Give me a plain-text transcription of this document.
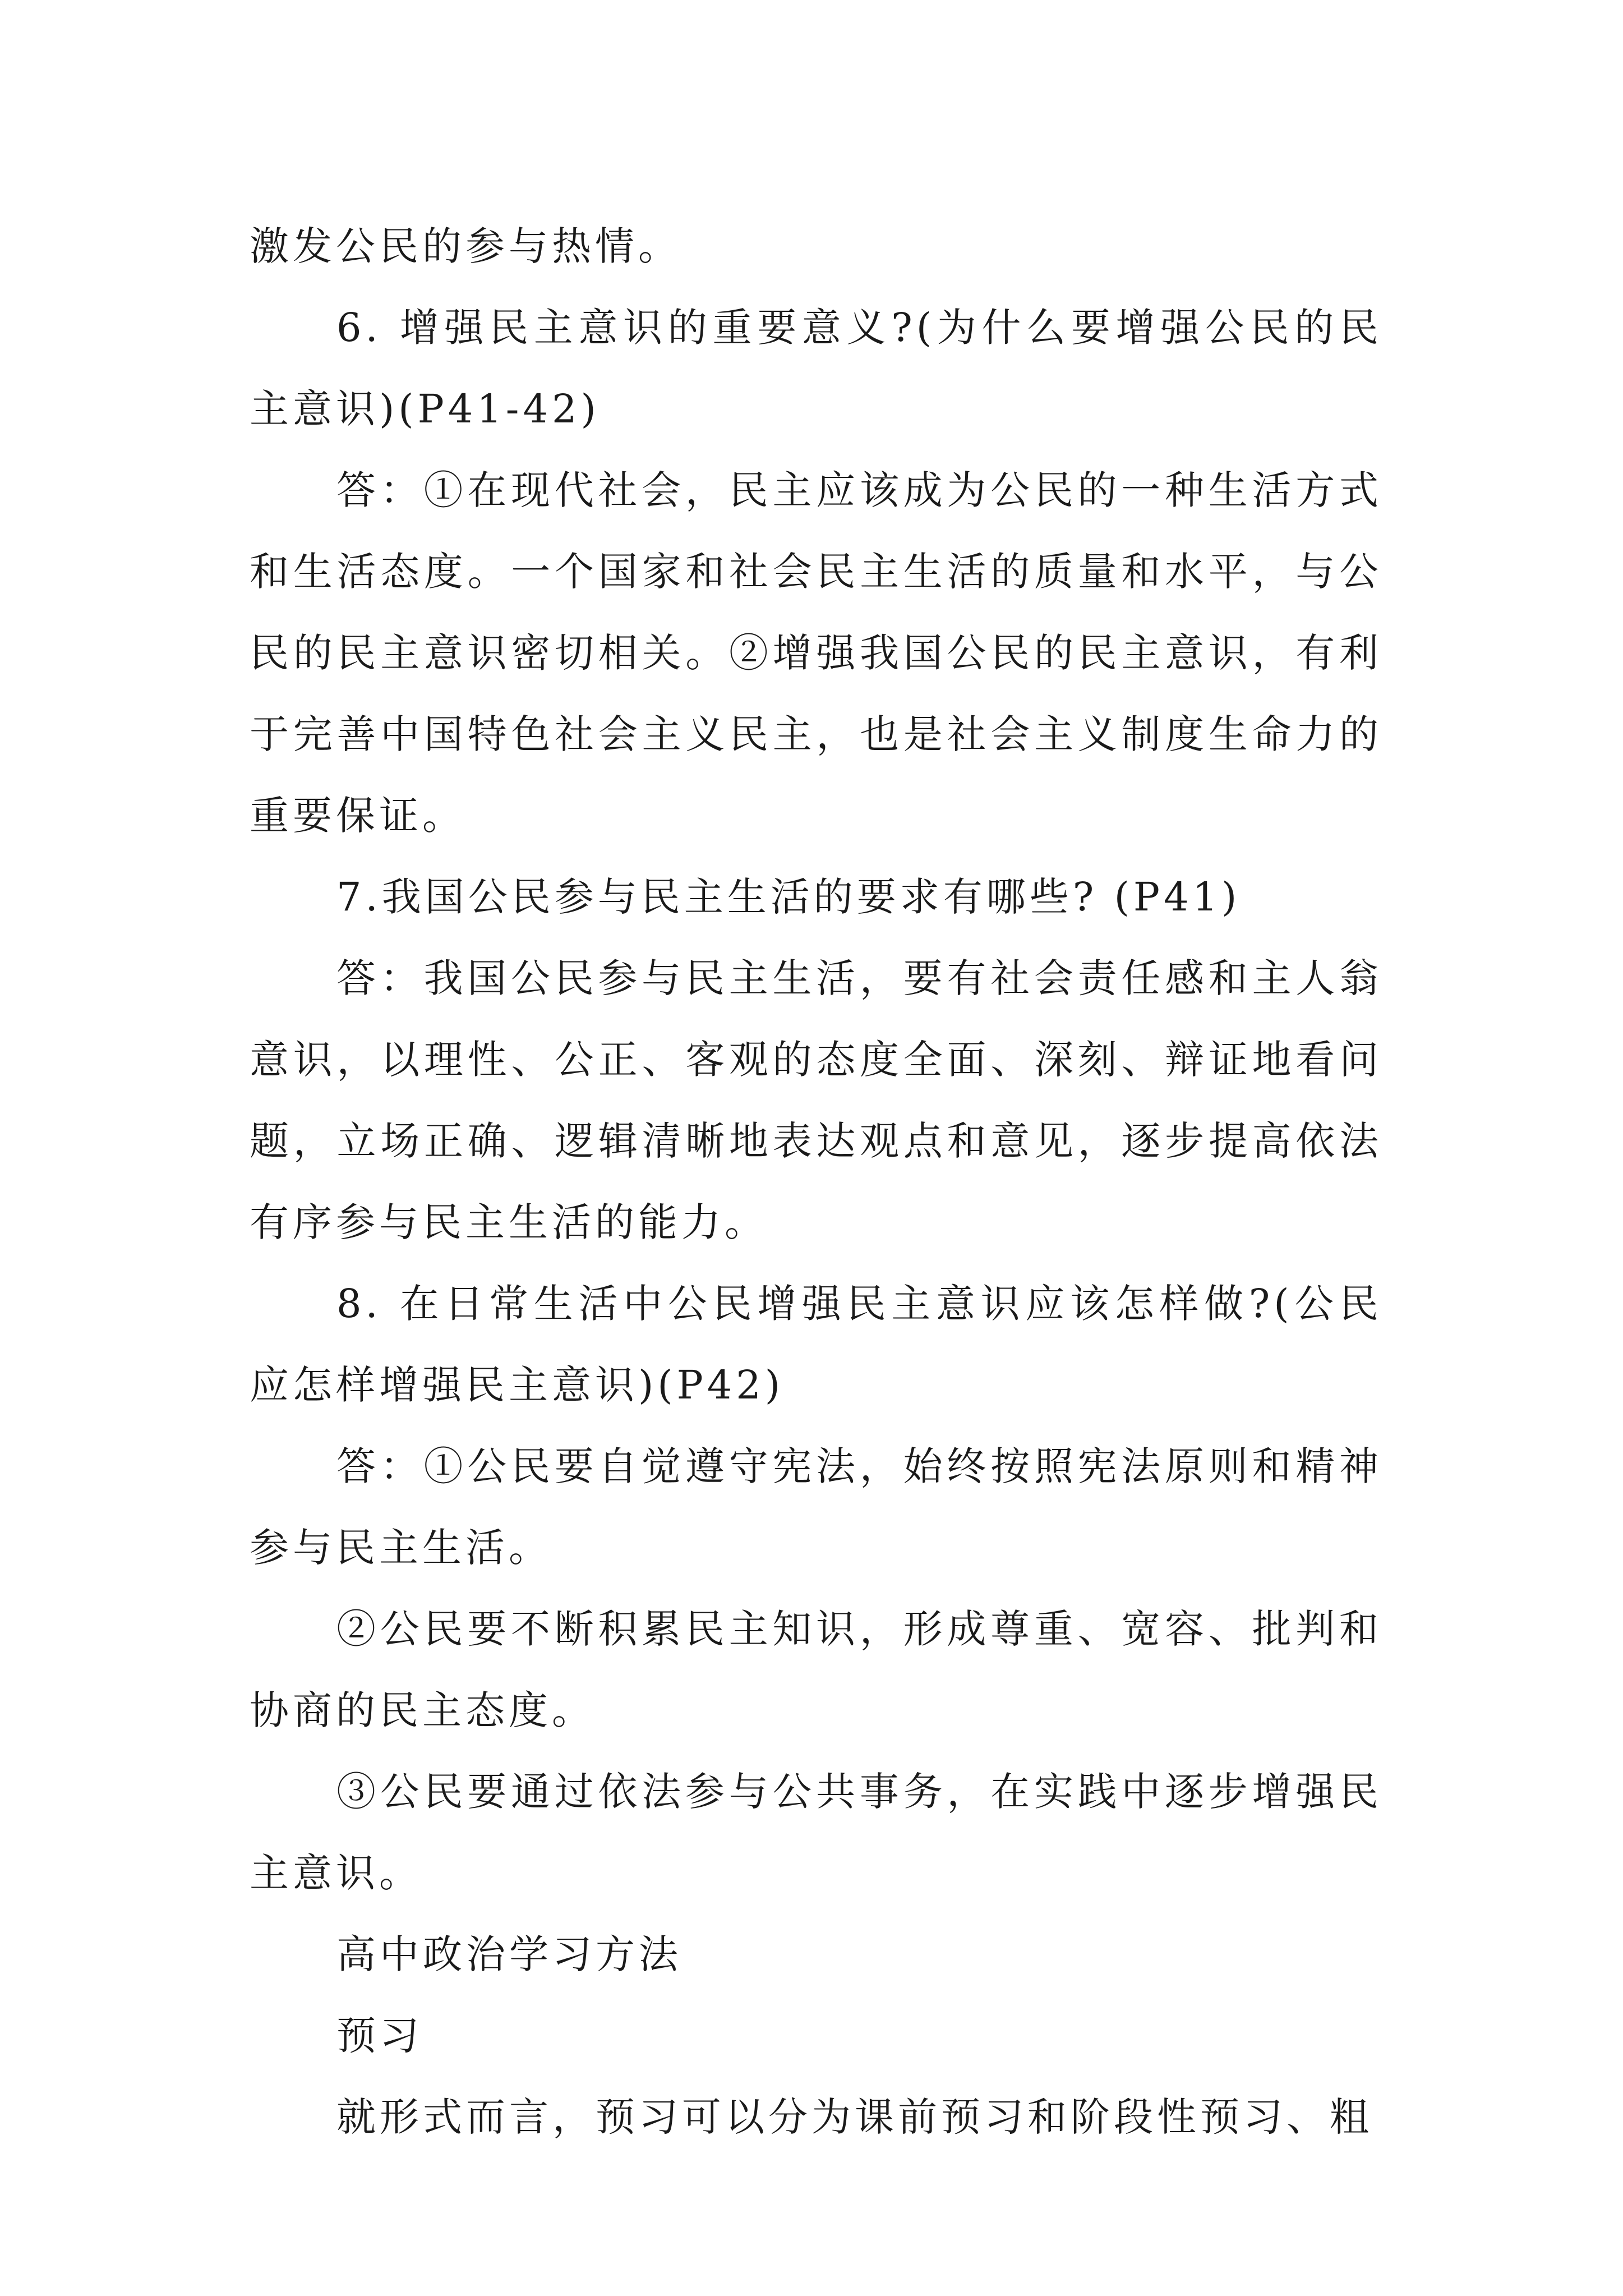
激发公民的参与热情。

6. 增强民主意识的重要意义?(为什么要增强公民的民主意识)(P41-42)

答：①在现代社会，民主应该成为公民的一种生活方式和生活态度。一个国家和社会民主生活的质量和水平，与公民的民主意识密切相关。②增强我国公民的民主意识，有利于完善中国特色社会主义民主，也是社会主义制度生命力的重要保证。

7.我国公民参与民主生活的要求有哪些? (P41)

答：我国公民参与民主生活，要有社会责任感和主人翁意识，以理性、公正、客观的态度全面、深刻、辩证地看问题，立场正确、逻辑清晰地表达观点和意见，逐步提高依法有序参与民主生活的能力。

8. 在日常生活中公民增强民主意识应该怎样做?(公民应怎样增强民主意识)(P42)

答：①公民要自觉遵守宪法，始终按照宪法原则和精神参与民主生活。

②公民要不断积累民主知识，形成尊重、宽容、批判和协商的民主态度。

③公民要通过依法参与公共事务，在实践中逐步增强民主意识。

高中政治学习方法

预习

就形式而言，预习可以分为课前预习和阶段性预习、粗
